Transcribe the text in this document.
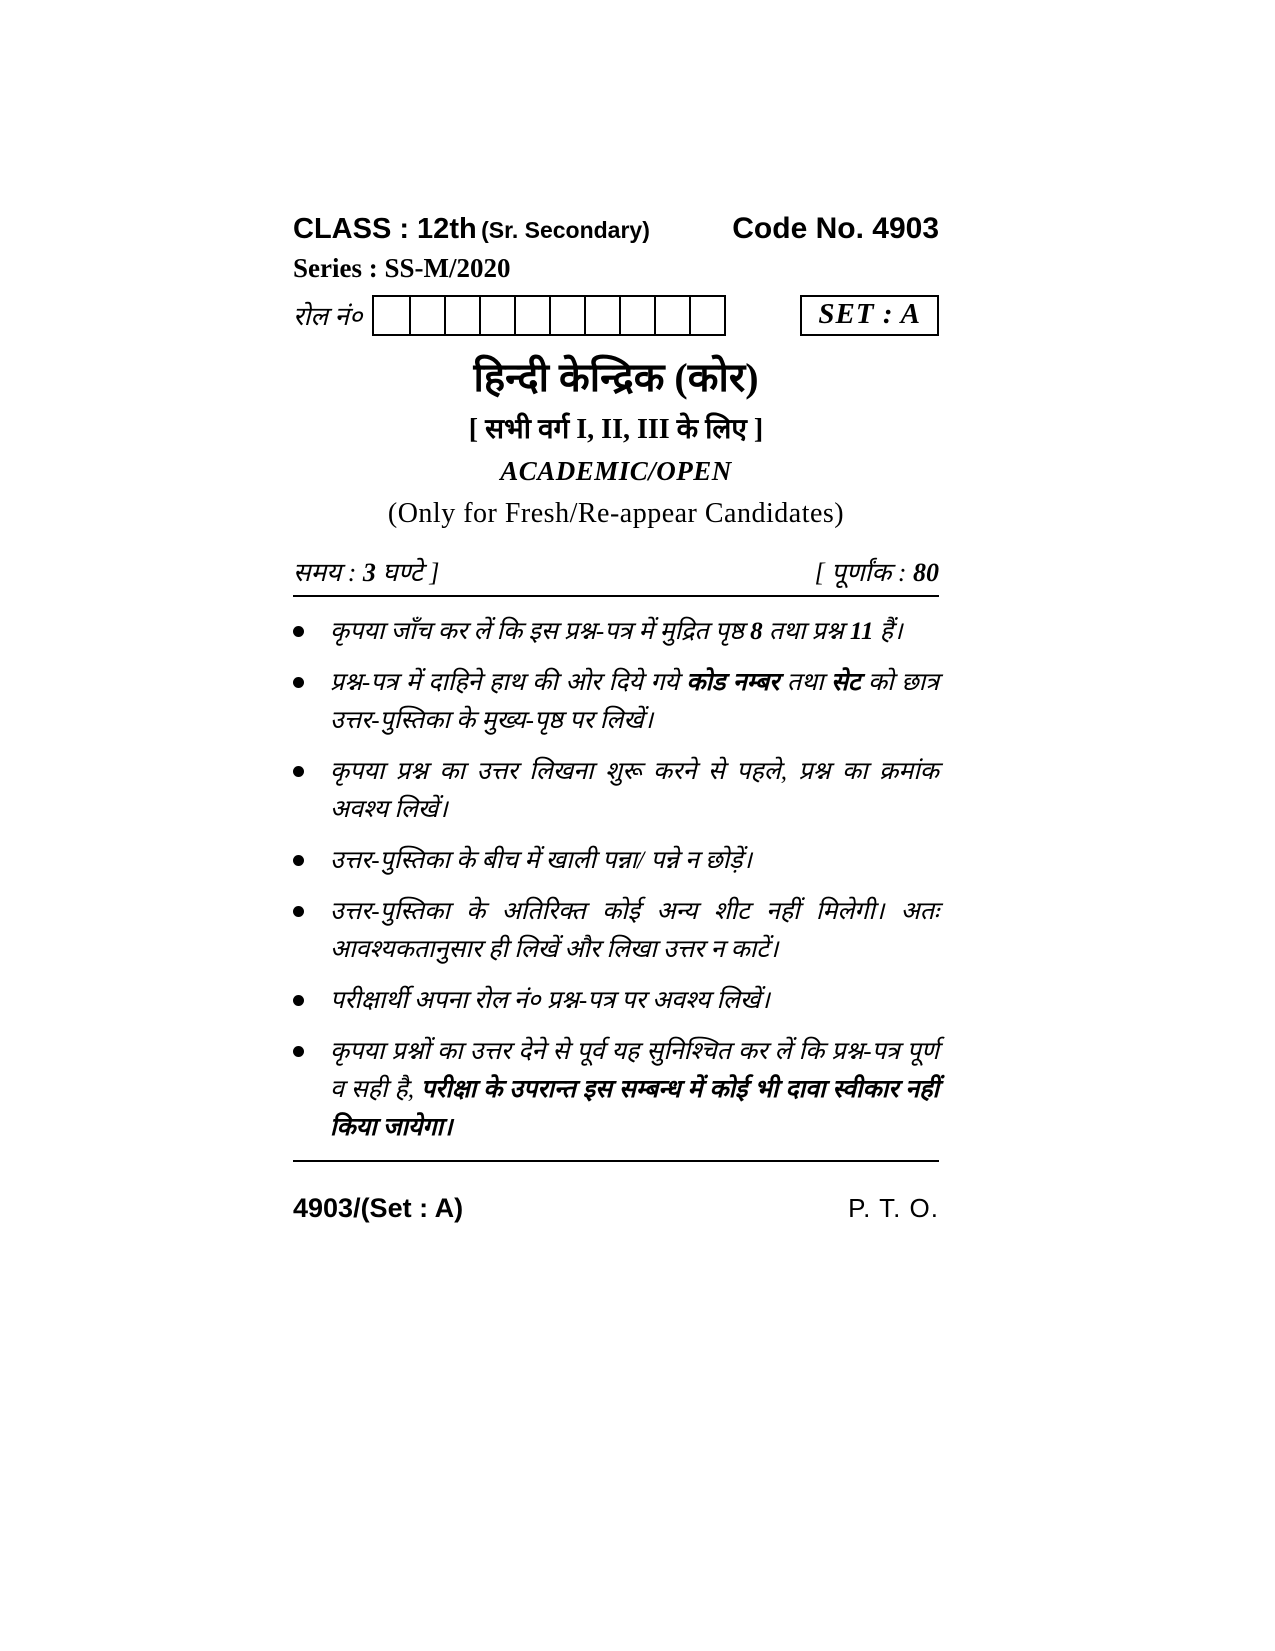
CLASS : 12th (Sr. Secondary)	Code No. 4903
Series : SS-M/2020
रोल नं०	SET : A
हिन्दी केन्द्रिक (कोर)
[ सभी वर्ग I, II, III के लिए ]
ACADEMIC/OPEN
(Only for Fresh/Re-appear Candidates)
समय : 3 घण्टे ]	[ पूर्णांक : 80
कृपया जाँच कर लें कि इस प्रश्न-पत्र में मुद्रित पृष्ठ 8 तथा प्रश्न 11 हैं।
प्रश्न-पत्र में दाहिने हाथ की ओर दिये गये कोड नम्बर तथा सेट को छात्र उत्तर-पुस्तिका के मुख्य-पृष्ठ पर लिखें।
कृपया प्रश्न का उत्तर लिखना शुरू करने से पहले, प्रश्न का क्रमांक अवश्य लिखें।
उत्तर-पुस्तिका के बीच में खाली पन्ना/ पन्ने न छोड़ें।
उत्तर-पुस्तिका के अतिरिक्त कोई अन्य शीट नहीं मिलेगी। अतः आवश्यकतानुसार ही लिखें और लिखा उत्तर न काटें।
परीक्षार्थी अपना रोल नं० प्रश्न-पत्र पर अवश्य लिखें।
कृपया प्रश्नों का उत्तर देने से पूर्व यह सुनिश्चित कर लें कि प्रश्न-पत्र पूर्ण व सही है, परीक्षा के उपरान्त इस सम्बन्ध में कोई भी दावा स्वीकार नहीं किया जायेगा।
4903/(Set : A)	P. T. O.
